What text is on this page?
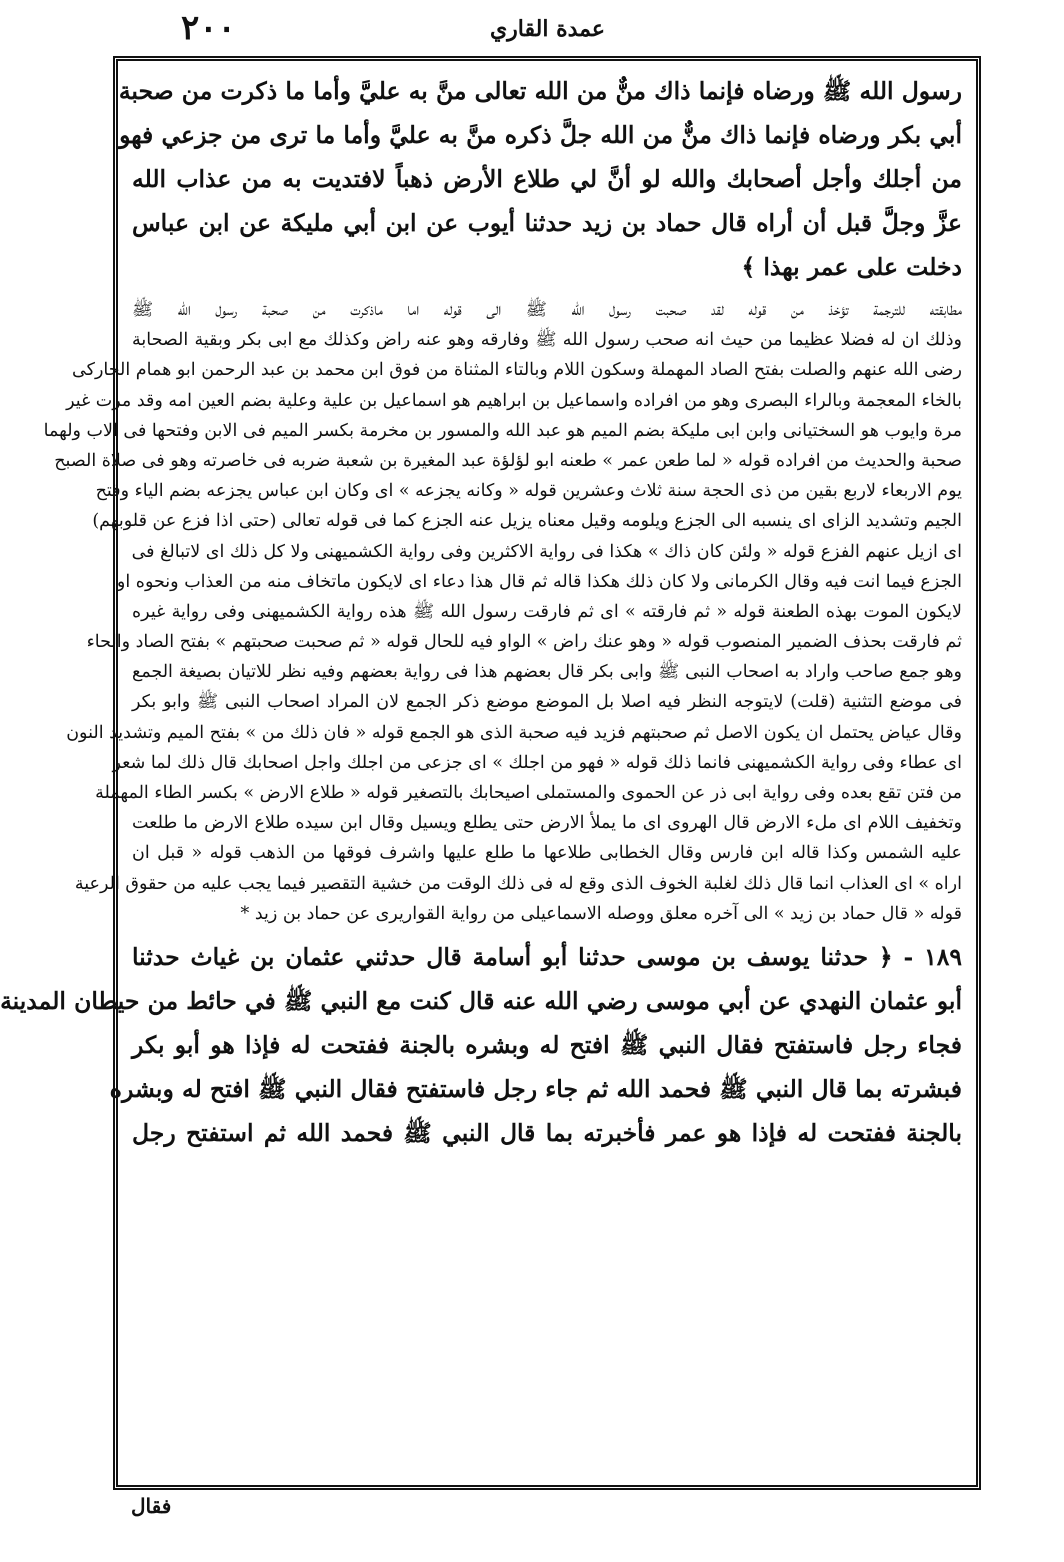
٢٠٠	عمدة القاري
رسول الله ﷺ ورضاه فإنما ذاك منٌّ من الله تعالى منَّ به عليَّ وأما ما ذكرت من صحبة
أبي بكر ورضاه فإنما ذاك منٌّ من الله جلَّ ذكره منَّ به عليَّ وأما ما ترى من جزعي فهو
من أجلك وأجل أصحابك والله لو أنَّ لي طلاع الأرض ذهباً لافتديت به من عذاب الله
عزَّ وجلَّ قبل أن أراه قال حماد بن زيد حدثنا أيوب عن ابن أبي مليكة عن ابن عباس
دخلت على عمر بهذا ﴾
مطابقته للترجمة تؤخذ من قوله لقد صحبت رسول الله ﷺ الى قوله اما ماذكرت من صحبة رسول الله ﷺ
وذلك ان له فضلا عظيما من حيث انه صحب رسول الله ﷺ وفارقه وهو عنه راض وكذلك مع ابى بكر وبقية الصحابة
رضى الله عنهم والصلت بفتح الصاد المهملة وسكون اللام وبالتاء المثناة من فوق ابن محمد بن عبد الرحمن ابو همام الخاركى
بالخاء المعجمة وبالراء البصرى وهو من افراده واسماعيل بن ابراهيم هو اسماعيل بن علية وعلية بضم العين امه وقد مرت غير
مرة وايوب هو السختيانى وابن ابى مليكة بضم الميم هو عبد الله والمسور بن مخرمة بكسر الميم فى الابن وفتحها فى الاب ولهما
صحبة والحديث من افراده قوله « لما طعن عمر » طعنه ابو لؤلؤة عبد المغيرة بن شعبة ضربه فى خاصرته وهو فى صلاة الصبح
يوم الاربعاء لاربع بقين من ذى الحجة سنة ثلاث وعشرين قوله « وكانه يجزعه » اى وكان ابن عباس يجزعه بضم الياء وفتح
الجيم وتشديد الزاى اى ينسبه الى الجزع ويلومه وقيل معناه يزيل عنه الجزع كما فى قوله تعالى (حتى اذا فزع عن قلوبهم)
اى ازيل عنهم الفزع قوله « ولئن كان ذاك » هكذا فى رواية الاكثرين وفى رواية الكشميهنى ولا كل ذلك اى لاتبالغ فى
الجزع فيما انت فيه وقال الكرمانى ولا كان ذلك هكذا قاله ثم قال هذا دعاء اى لايكون ماتخاف منه من العذاب ونحوه او
لايكون الموت بهذه الطعنة قوله « ثم فارقته » اى ثم فارقت رسول الله ﷺ هذه رواية الكشميهنى وفى رواية غيره
ثم فارقت بحذف الضمير المنصوب قوله « وهو عنك راض » الواو فيه للحال قوله « ثم صحبت صحبتهم » بفتح الصاد والحاء
وهو جمع صاحب واراد به اصحاب النبى ﷺ وابى بكر قال بعضهم هذا فى رواية بعضهم وفيه نظر للاتيان بصيغة الجمع
فى موضع التثنية (قلت) لايتوجه النظر فيه اصلا بل الموضع موضع ذكر الجمع لان المراد اصحاب النبى ﷺ وابو بكر
وقال عياض يحتمل ان يكون الاصل ثم صحبتهم فزيد فيه صحبة الذى هو الجمع قوله « فان ذلك من » بفتح الميم وتشديد النون
اى عطاء وفى رواية الكشميهنى فانما ذلك قوله « فهو من اجلك » اى جزعى من اجلك واجل اصحابك قال ذلك لما شعر
من فتن تقع بعده وفى رواية ابى ذر عن الحموى والمستملى اصيحابك بالتصغير قوله « طلاع الارض » بكسر الطاء المهملة
وتخفيف اللام اى ملء الارض قال الهروى اى ما يملأ الارض حتى يطلع ويسيل وقال ابن سيده طلاع الارض ما طلعت
عليه الشمس وكذا قاله ابن فارس وقال الخطابى طلاعها ما طلع عليها واشرف فوقها من الذهب قوله « قبل ان
اراه » اى العذاب انما قال ذلك لغلبة الخوف الذى وقع له فى ذلك الوقت من خشية التقصير فيما يجب عليه من حقوق الرعية
قوله « قال حماد بن زيد » الى آخره معلق ووصله الاسماعيلى من رواية القواريرى عن حماد بن زيد *
١٨٩ - ﴿ حدثنا يوسف بن موسى حدثنا أبو أسامة قال حدثني عثمان بن غياث حدثنا
أبو عثمان النهدي عن أبي موسى رضي الله عنه قال كنت مع النبي ﷺ في حائط من حيطان المدينة
فجاء رجل فاستفتح فقال النبي ﷺ افتح له وبشره بالجنة ففتحت له فإذا هو أبو بكر
فبشرته بما قال النبي ﷺ فحمد الله ثم جاء رجل فاستفتح فقال النبي ﷺ افتح له وبشره
بالجنة ففتحت له فإذا هو عمر فأخبرته بما قال النبي ﷺ فحمد الله ثم استفتح رجل
فقال
